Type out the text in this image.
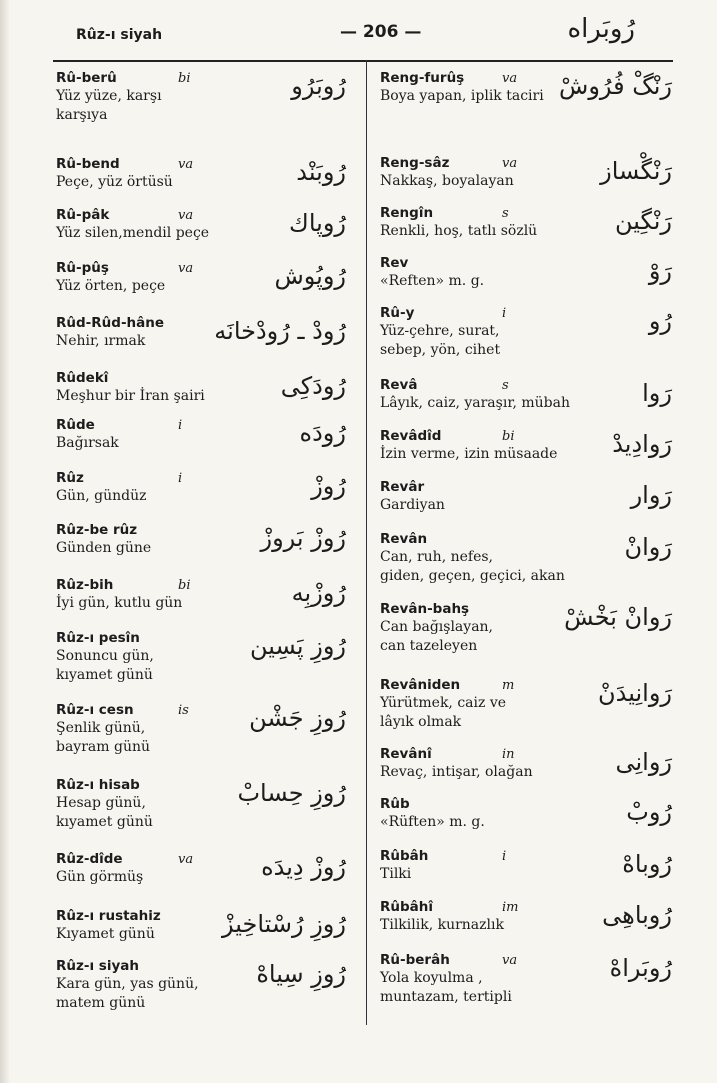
Rûz-ı siyah	— 206 —	رُوبَراه
Rû-berû	bi
Yüz yüze, karşı
karşıya
رُوبَرُو
Rû-bend	va
Peçe, yüz örtüsü	رُوبَنْد
Rû-pâk	va
Yüz silen,mendil peçe	رُوپاك
Rû-pûş	va
Yüz örten, peçe	رُوپُوش
Rûd-Rûd-hâne
Nehir, ırmak	رُودْ ـ رُودْخانَه
Rûdekî
Meşhur bir İran şairi	رُودَكِى
Rûde	i
Bağırsak	رُودَه
Rûz	i
Gün, gündüz	رُوزْ
Rûz-be rûz
Günden güne	رُوزْ بَروزْ
Rûz-bih	bi
İyi gün, kutlu gün	رُوزْبِه
Rûz-ı pesîn
Sonuncu gün,
kıyamet günü
رُوزِ پَسِين
Rûz-ı cesn	is
Şenlik günü,
bayram günü
رُوزِ جَشْن
Rûz-ı hisab
Hesap günü,
kıyamet günü
رُوزِ حِسابْ
Rûz-dîde	va
Gün görmüş	رُوزْ دِيدَه
Rûz-ı rustahiz
Kıyamet günü	رُوزِ رُسْتاخِيزْ
Rûz-ı siyah
Kara gün, yas günü,
matem günü
رُوزِ سِياهْ
Reng-furûş	va
Boya yapan, iplik taciri رَنْگْ فُرُوشْ
Reng-sâz	va
Nakkaş, boyalayan	رَنْگْساز
Rengîn	s
Renkli, hoş, tatlı sözlü	رَنْگِين
Rev
«Reften» m. g.	رَوْ
Rû-y	i
Yüz-çehre, surat,
sebep, yön, cihet
رُو
Revâ	s
Lâyık, caiz, yaraşır, mübah	رَوا
Revâdîd	bi
İzin verme, izin müsaade	رَوادِيدْ
Revâr
Gardiyan	رَوار
Revân
Can, ruh, nefes,
giden, geçen, geçici, akan
رَوانْ
Revân-bahş
Can bağışlayan,
can tazeleyen
رَوانْ بَخْشْ
Revâniden	m
Yürütmek, caiz ve
lâyık olmak
رَوانِيدَنْ
Revânî	in
Revaç, intişar, olağan	رَوانِى
Rûb
«Rüften» m. g.	رُوبْ
Rûbâh	i
Tilki	رُوباهْ
Rûbâhî	im
Tilkilik, kurnazlık	رُوباهِى
Rû-berâh	va
Yola koyulma ,
muntazam, tertipli
رُوبَراهْ
